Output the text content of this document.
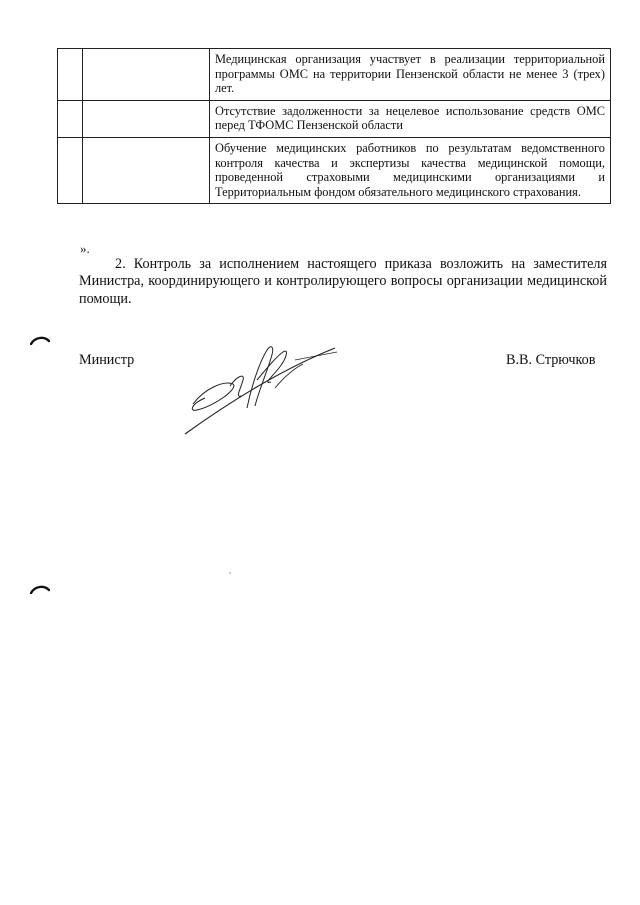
		Медицинская организация участвует в реализации территориальной программы ОМС на территории Пензенской области не менее 3 (трех) лет.
		Отсутствие задолженности за нецелевое использование средств ОМС перед ТФОМС Пензенской области
		Обучение медицинских работников по результатам ведомственного контроля качества и экспертизы качества медицинской помощи, проведенной страховыми медицинскими организациями и Территориальным фондом обязательного медицинского страхования.
».

2. Контроль за исполнением настоящего приказа возложить на заместителя Министра, координирующего и контролирующего вопросы организации медицинской помощи.

Министр	В.В. Стрючков
